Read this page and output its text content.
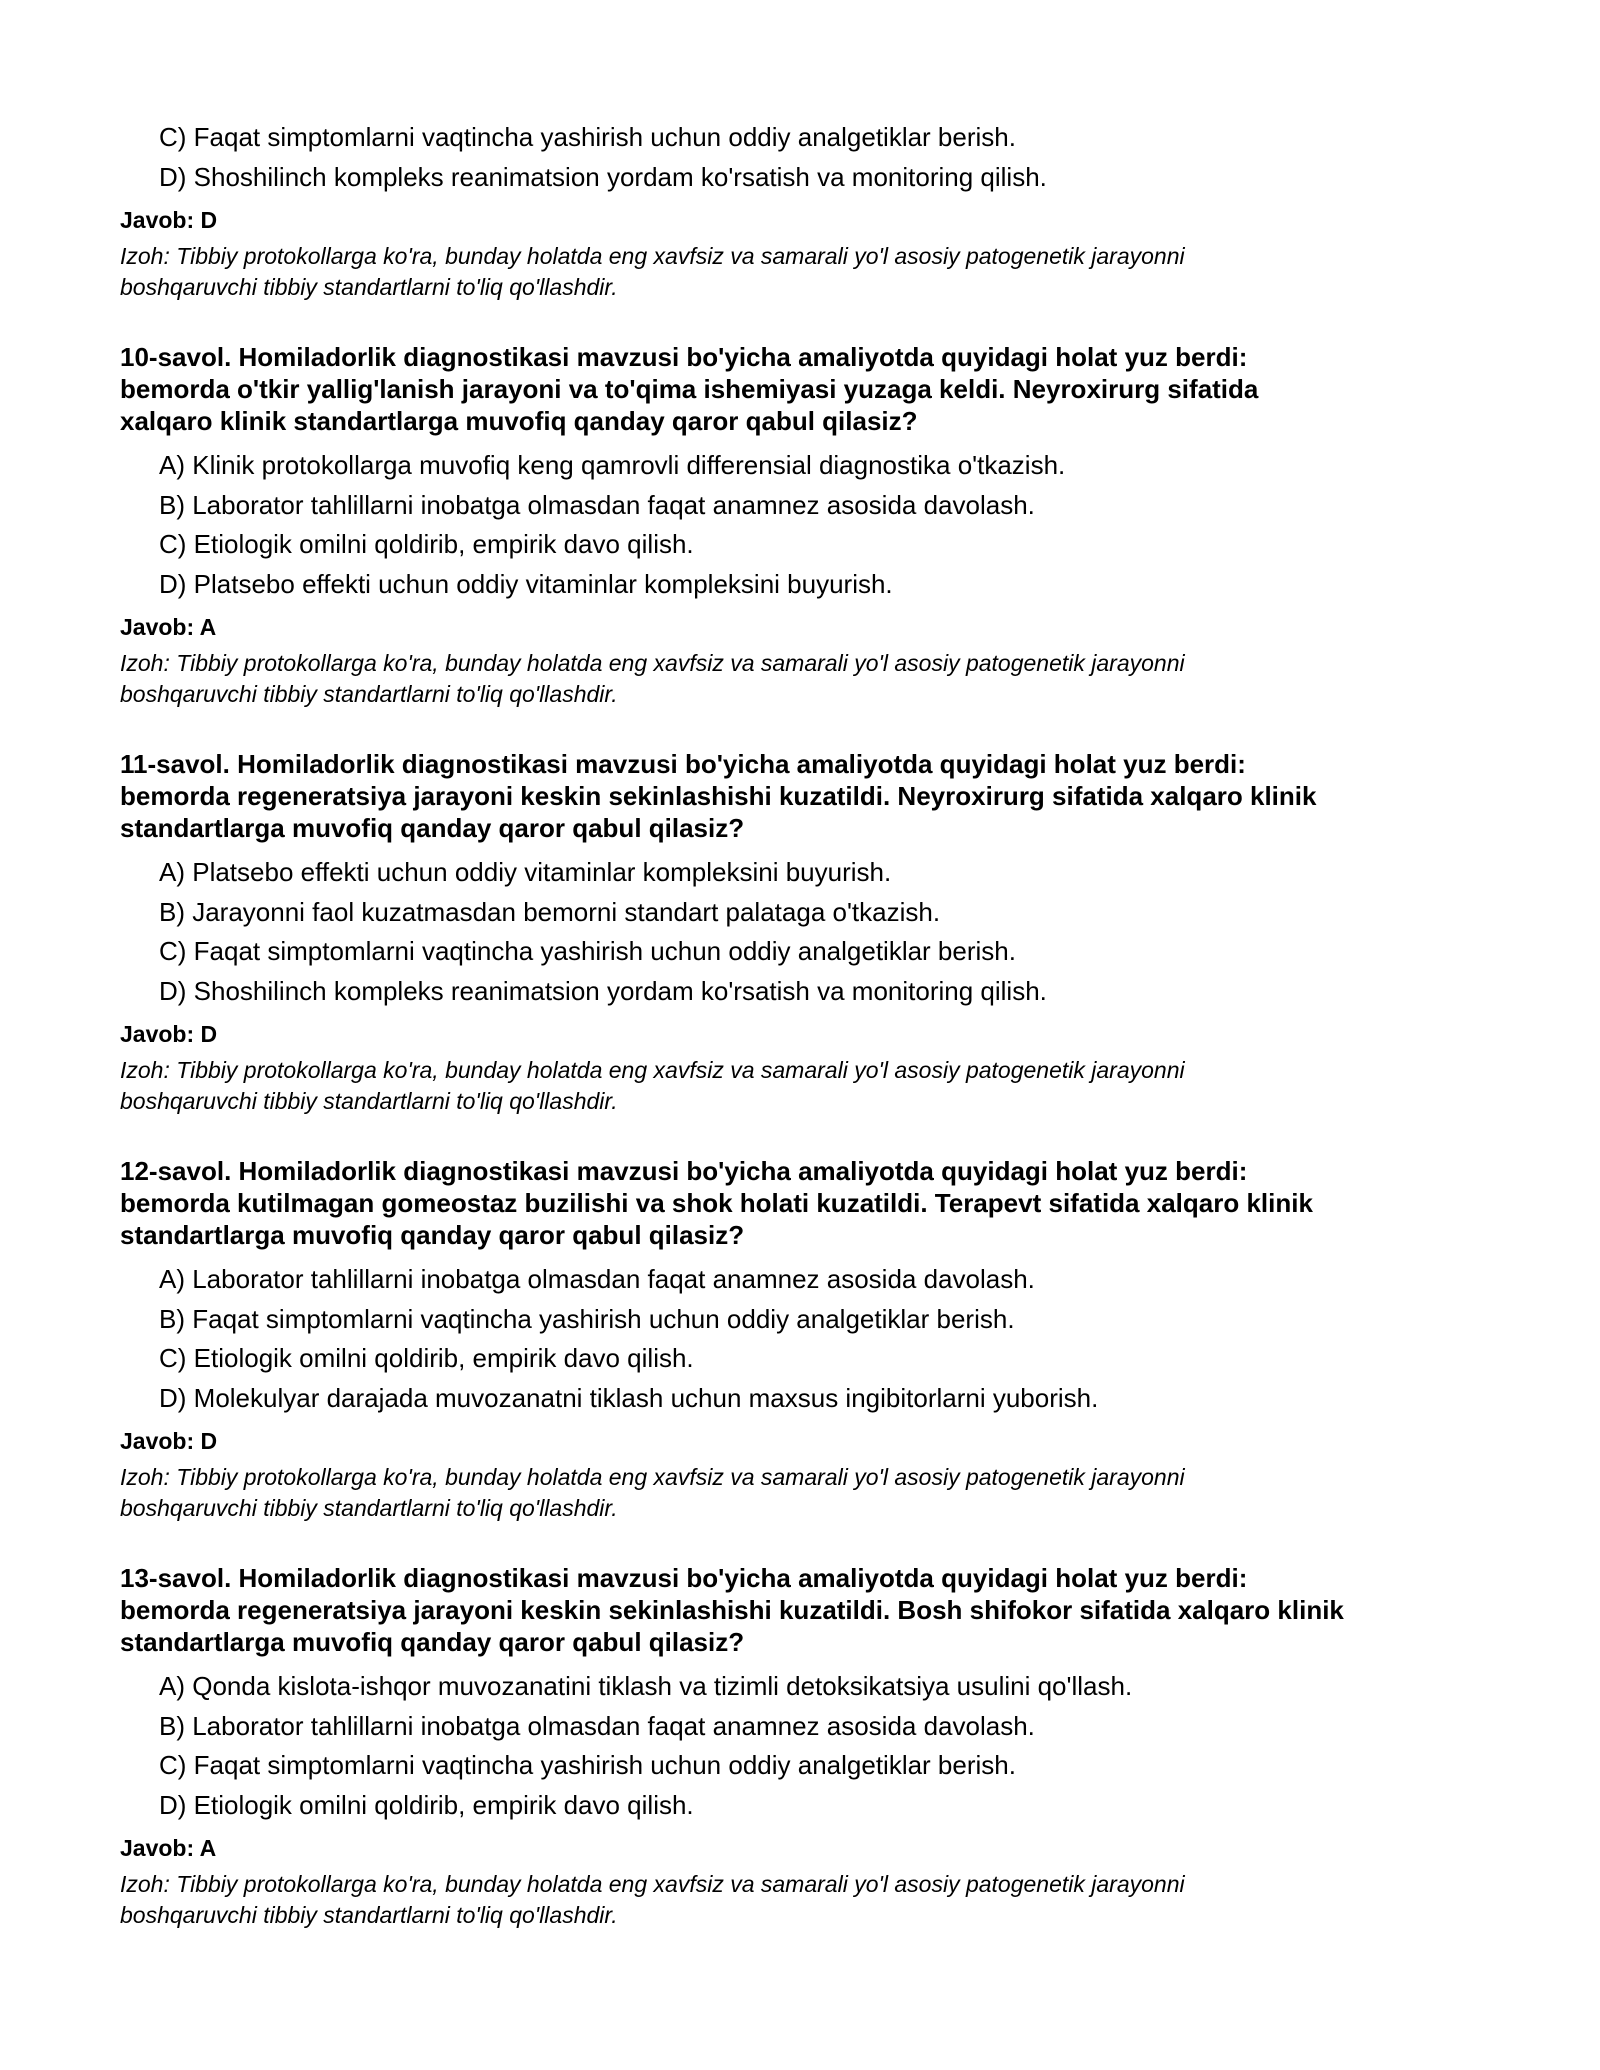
C) Faqat simptomlarni vaqtincha yashirish uchun oddiy analgetiklar berish.
D) Shoshilinch kompleks reanimatsion yordam ko'rsatish va monitoring qilish.
Javob: D
Izoh: Tibbiy protokollarga ko'ra, bunday holatda eng xavfsiz va samarali yo'l asosiy patogenetik jarayonni
boshqaruvchi tibbiy standartlarni to'liq qo'llashdir.
10-savol. Homiladorlik diagnostikasi mavzusi bo'yicha amaliyotda quyidagi holat yuz berdi:
bemorda o'tkir yallig'lanish jarayoni va to'qima ishemiyasi yuzaga keldi. Neyroxirurg sifatida
xalqaro klinik standartlarga muvofiq qanday qaror qabul qilasiz?
A) Klinik protokollarga muvofiq keng qamrovli differensial diagnostika o'tkazish.
B) Laborator tahlillarni inobatga olmasdan faqat anamnez asosida davolash.
C) Etiologik omilni qoldirib, empirik davo qilish.
D) Platsebo effekti uchun oddiy vitaminlar kompleksini buyurish.
Javob: A
Izoh: Tibbiy protokollarga ko'ra, bunday holatda eng xavfsiz va samarali yo'l asosiy patogenetik jarayonni
boshqaruvchi tibbiy standartlarni to'liq qo'llashdir.
11-savol. Homiladorlik diagnostikasi mavzusi bo'yicha amaliyotda quyidagi holat yuz berdi:
bemorda regeneratsiya jarayoni keskin sekinlashishi kuzatildi. Neyroxirurg sifatida xalqaro klinik
standartlarga muvofiq qanday qaror qabul qilasiz?
A) Platsebo effekti uchun oddiy vitaminlar kompleksini buyurish.
B) Jarayonni faol kuzatmasdan bemorni standart palataga o'tkazish.
C) Faqat simptomlarni vaqtincha yashirish uchun oddiy analgetiklar berish.
D) Shoshilinch kompleks reanimatsion yordam ko'rsatish va monitoring qilish.
Javob: D
Izoh: Tibbiy protokollarga ko'ra, bunday holatda eng xavfsiz va samarali yo'l asosiy patogenetik jarayonni
boshqaruvchi tibbiy standartlarni to'liq qo'llashdir.
12-savol. Homiladorlik diagnostikasi mavzusi bo'yicha amaliyotda quyidagi holat yuz berdi:
bemorda kutilmagan gomeostaz buzilishi va shok holati kuzatildi. Terapevt sifatida xalqaro klinik
standartlarga muvofiq qanday qaror qabul qilasiz?
A) Laborator tahlillarni inobatga olmasdan faqat anamnez asosida davolash.
B) Faqat simptomlarni vaqtincha yashirish uchun oddiy analgetiklar berish.
C) Etiologik omilni qoldirib, empirik davo qilish.
D) Molekulyar darajada muvozanatni tiklash uchun maxsus ingibitorlarni yuborish.
Javob: D
Izoh: Tibbiy protokollarga ko'ra, bunday holatda eng xavfsiz va samarali yo'l asosiy patogenetik jarayonni
boshqaruvchi tibbiy standartlarni to'liq qo'llashdir.
13-savol. Homiladorlik diagnostikasi mavzusi bo'yicha amaliyotda quyidagi holat yuz berdi:
bemorda regeneratsiya jarayoni keskin sekinlashishi kuzatildi. Bosh shifokor sifatida xalqaro klinik
standartlarga muvofiq qanday qaror qabul qilasiz?
A) Qonda kislota-ishqor muvozanatini tiklash va tizimli detoksikatsiya usulini qo'llash.
B) Laborator tahlillarni inobatga olmasdan faqat anamnez asosida davolash.
C) Faqat simptomlarni vaqtincha yashirish uchun oddiy analgetiklar berish.
D) Etiologik omilni qoldirib, empirik davo qilish.
Javob: A
Izoh: Tibbiy protokollarga ko'ra, bunday holatda eng xavfsiz va samarali yo'l asosiy patogenetik jarayonni
boshqaruvchi tibbiy standartlarni to'liq qo'llashdir.
